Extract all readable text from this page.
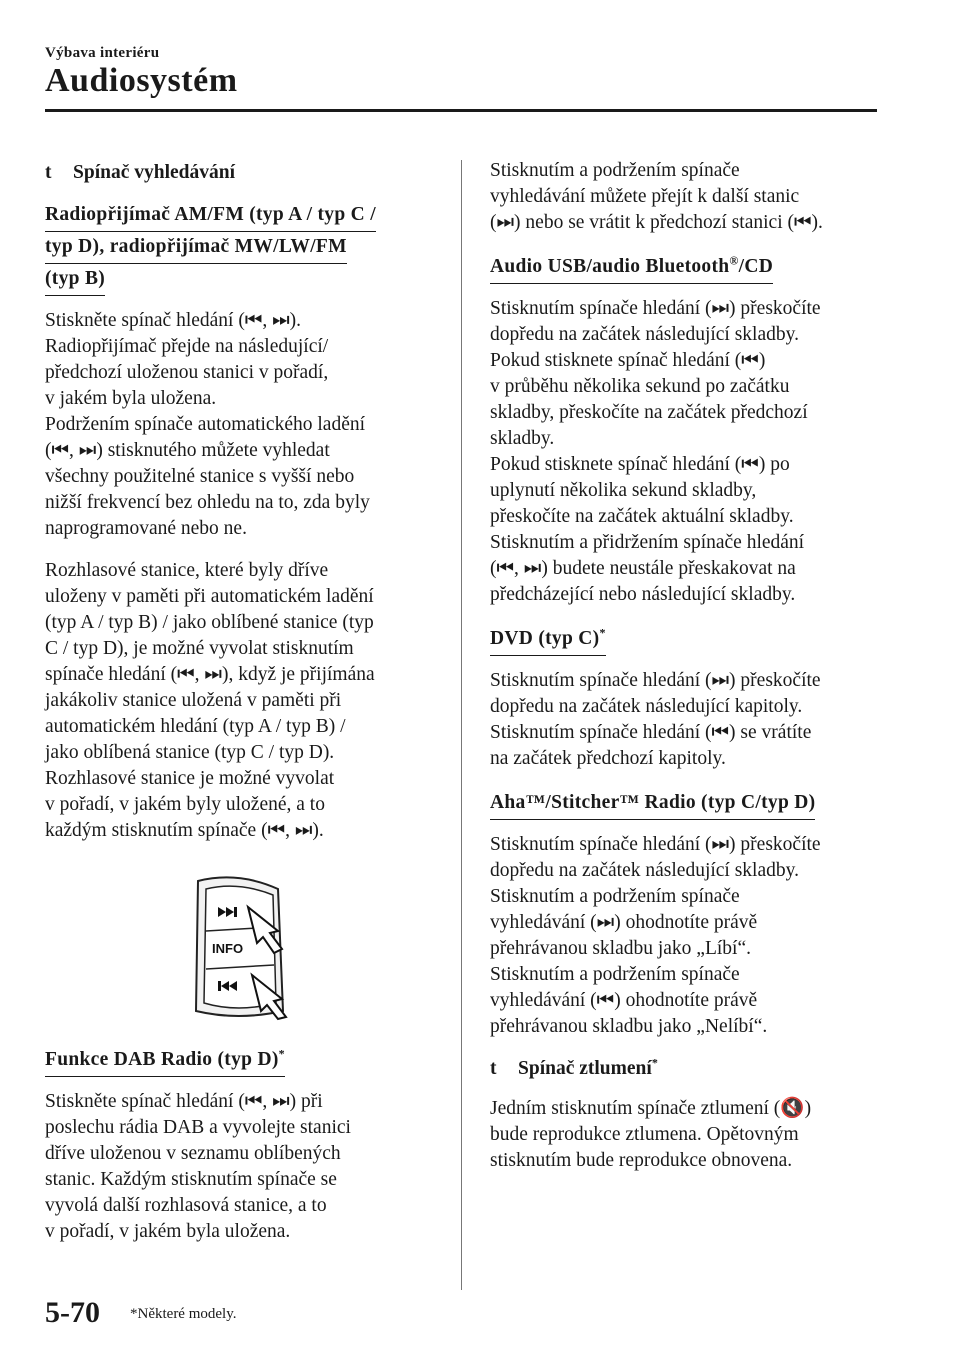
Výbava interiéru
Audiosystém
t	Spínač vyhledávání
Radiopřijímač AM/FM (typ A / typ C /
typ D), radiopřijímač MW/LW/FM
(typ B)

Stiskněte spínač hledání (⏮, ⏭).
Radiopřijímač přejde na následující/
předchozí uloženou stanici v pořadí,
v jakém byla uložena.
Podržením spínače automatického ladění
(⏮, ⏭) stisknutého můžete vyhledat
všechny použitelné stanice s vyšší nebo
nižší frekvencí bez ohledu na to, zda byly
naprogramované nebo ne.

Rozhlasové stanice, které byly dříve
uloženy v paměti při automatickém ladění
(typ A / typ B) / jako oblíbené stanice (typ
C / typ D), je možné vyvolat stisknutím
spínače hledání (⏮, ⏭), když je přijímána
jakákoliv stanice uložená v paměti při
automatickém hledání (typ A / typ B) /
jako oblíbená stanice (typ C / typ D).
Rozhlasové stanice je možné vyvolat
v pořadí, v jakém byly uložené, a to
každým stisknutím spínače (⏮, ⏭).

INFO
Funkce DAB Radio (typ D)*

Stiskněte spínač hledání (⏮, ⏭) při
poslechu rádia DAB a vyvolejte stanici
dříve uloženou v seznamu oblíbených
stanic. Každým stisknutím spínače se
vyvolá další rozhlasová stanice, a to
v pořadí, v jakém byla uložena.

Stisknutím a podržením spínače
vyhledávání můžete přejít k další stanic
(⏭) nebo se vrátit k předchozí stanici (⏮).

Audio USB/audio Bluetooth®/CD

Stisknutím spínače hledání (⏭) přeskočíte
dopředu na začátek následující skladby.
Pokud stisknete spínač hledání (⏮)
v průběhu několika sekund po začátku
skladby, přeskočíte na začátek předchozí
skladby.
Pokud stisknete spínač hledání (⏮) po
uplynutí několika sekund skladby,
přeskočíte na začátek aktuální skladby.
Stisknutím a přidržením spínače hledání
(⏮, ⏭) budete neustále přeskakovat na
předcházející nebo následující skladby.

DVD (typ C)*

Stisknutím spínače hledání (⏭) přeskočíte
dopředu na začátek následující kapitoly.
Stisknutím spínače hledání (⏮) se vrátíte
na začátek předchozí kapitoly.

Aha™/Stitcher™ Radio (typ C/typ D)

Stisknutím spínače hledání (⏭) přeskočíte
dopředu na začátek následující skladby.
Stisknutím a podržením spínače
vyhledávání (⏭) ohodnotíte právě
přehrávanou skladbu jako „Líbí“.
Stisknutím a podržením spínače
vyhledávání (⏮) ohodnotíte právě
přehrávanou skladbu jako „Nelíbí“.

t	Spínač ztlumení*

Jedním stisknutím spínače ztlumení (🔇)
bude reprodukce ztlumena. Opětovným
stisknutím bude reprodukce obnovena.

5-70 *Některé modely.
